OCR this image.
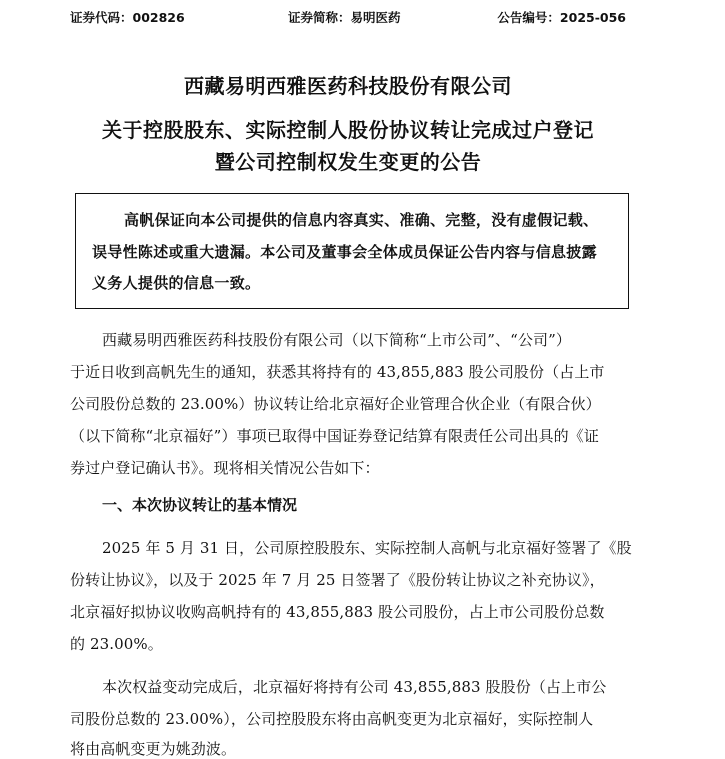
证券代码：002826	证券简称：易明医药	公告编号：2025-056
西藏易明西雅医药科技股份有限公司
关于控股股东、实际控制人股份协议转让完成过户登记
暨公司控制权发生变更的公告
高帆保证向本公司提供的信息内容真实、准确、完整，没有虚假记载、
误导性陈述或重大遗漏。本公司及董事会全体成员保证公告内容与信息披露
义务人提供的信息一致。
西藏易明西雅医药科技股份有限公司（以下简称“上市公司”、“公司”）
于近日收到高帆先生的通知，获悉其将持有的 43,855,883 股公司股份（占上市
公司股份总数的 23.00%）协议转让给北京福好企业管理合伙企业（有限合伙）
（以下简称“北京福好”）事项已取得中国证券登记结算有限责任公司出具的《证
券过户登记确认书》。现将相关情况公告如下：
一、本次协议转让的基本情况
2025 年 5 月 31 日，公司原控股股东、实际控制人高帆与北京福好签署了《股
份转让协议》，以及于 2025 年 7 月 25 日签署了《股份转让协议之补充协议》，
北京福好拟协议收购高帆持有的 43,855,883 股公司股份，占上市公司股份总数
的 23.00%。
本次权益变动完成后，北京福好将持有公司 43,855,883 股股份（占上市公
司股份总数的 23.00%），公司控股股东将由高帆变更为北京福好，实际控制人
将由高帆变更为姚劲波。
